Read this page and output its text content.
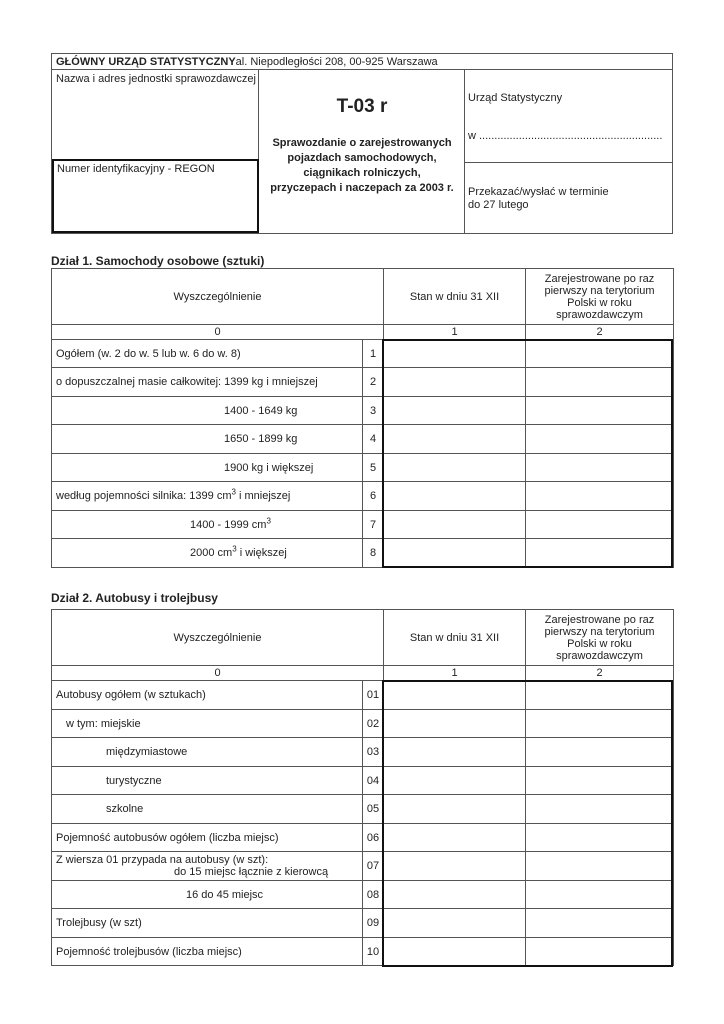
GŁÓWNY URZĄD STATYSTYCZNYal. Niepodległości 208, 00-925 Warszawa
Nazwa i adres jednostki sprawozdawczej
Numer identyfikacyjny - REGON
T-03 r
Sprawozdanie o zarejestrowanych pojazdach samochodowych, ciągnikach rolniczych, przyczepach i naczepach za 2003 r.
Urząd Statystyczny
w ............................................................
Przekazać/wysłać w terminie
do 27 lutego
Dział 1. Samochody osobowe (sztuki)
Wyszczególnienie		Stan w dniu 31 XII	Zarejestrowane po raz pierwszy na terytorium Polski w roku sprawozdawczym
0		1	2
Ogółem (w. 2 do w. 5 lub w. 6 do w. 8)	1		
o dopuszczalnej masie całkowitej: 1399 kg i mniejszej	2		
1400 - 1649 kg	3		
1650 - 1899 kg	4		
1900 kg i większej	5		
według pojemności silnika: 1399 $cm^3$ i mniejszej	6		
1400 - 1999 $cm^3$	7		
2000 $cm^3$ i większej	8		
Dział 2. Autobusy i trolejbusy
Wyszczególnienie		Stan w dniu 31 XII	Zarejestrowane po raz pierwszy na terytorium Polski w roku sprawozdawczym
0		1	2
Autobusy ogółem (w sztukach)	01		
w tym: miejskie	02		
międzymiastowe	03		
turystyczne	04		
szkolne	05		
Pojemność autobusów ogółem (liczba miejsc)	06		

Z wiersza 01 przypada na autobusy (w szt):
do 15 miejsc łącznie z kierowcą	07		
16 do 45 miejsc	08		
Trolejbusy (w szt)	09		
Pojemność trolejbusów (liczba miejsc)	10		
